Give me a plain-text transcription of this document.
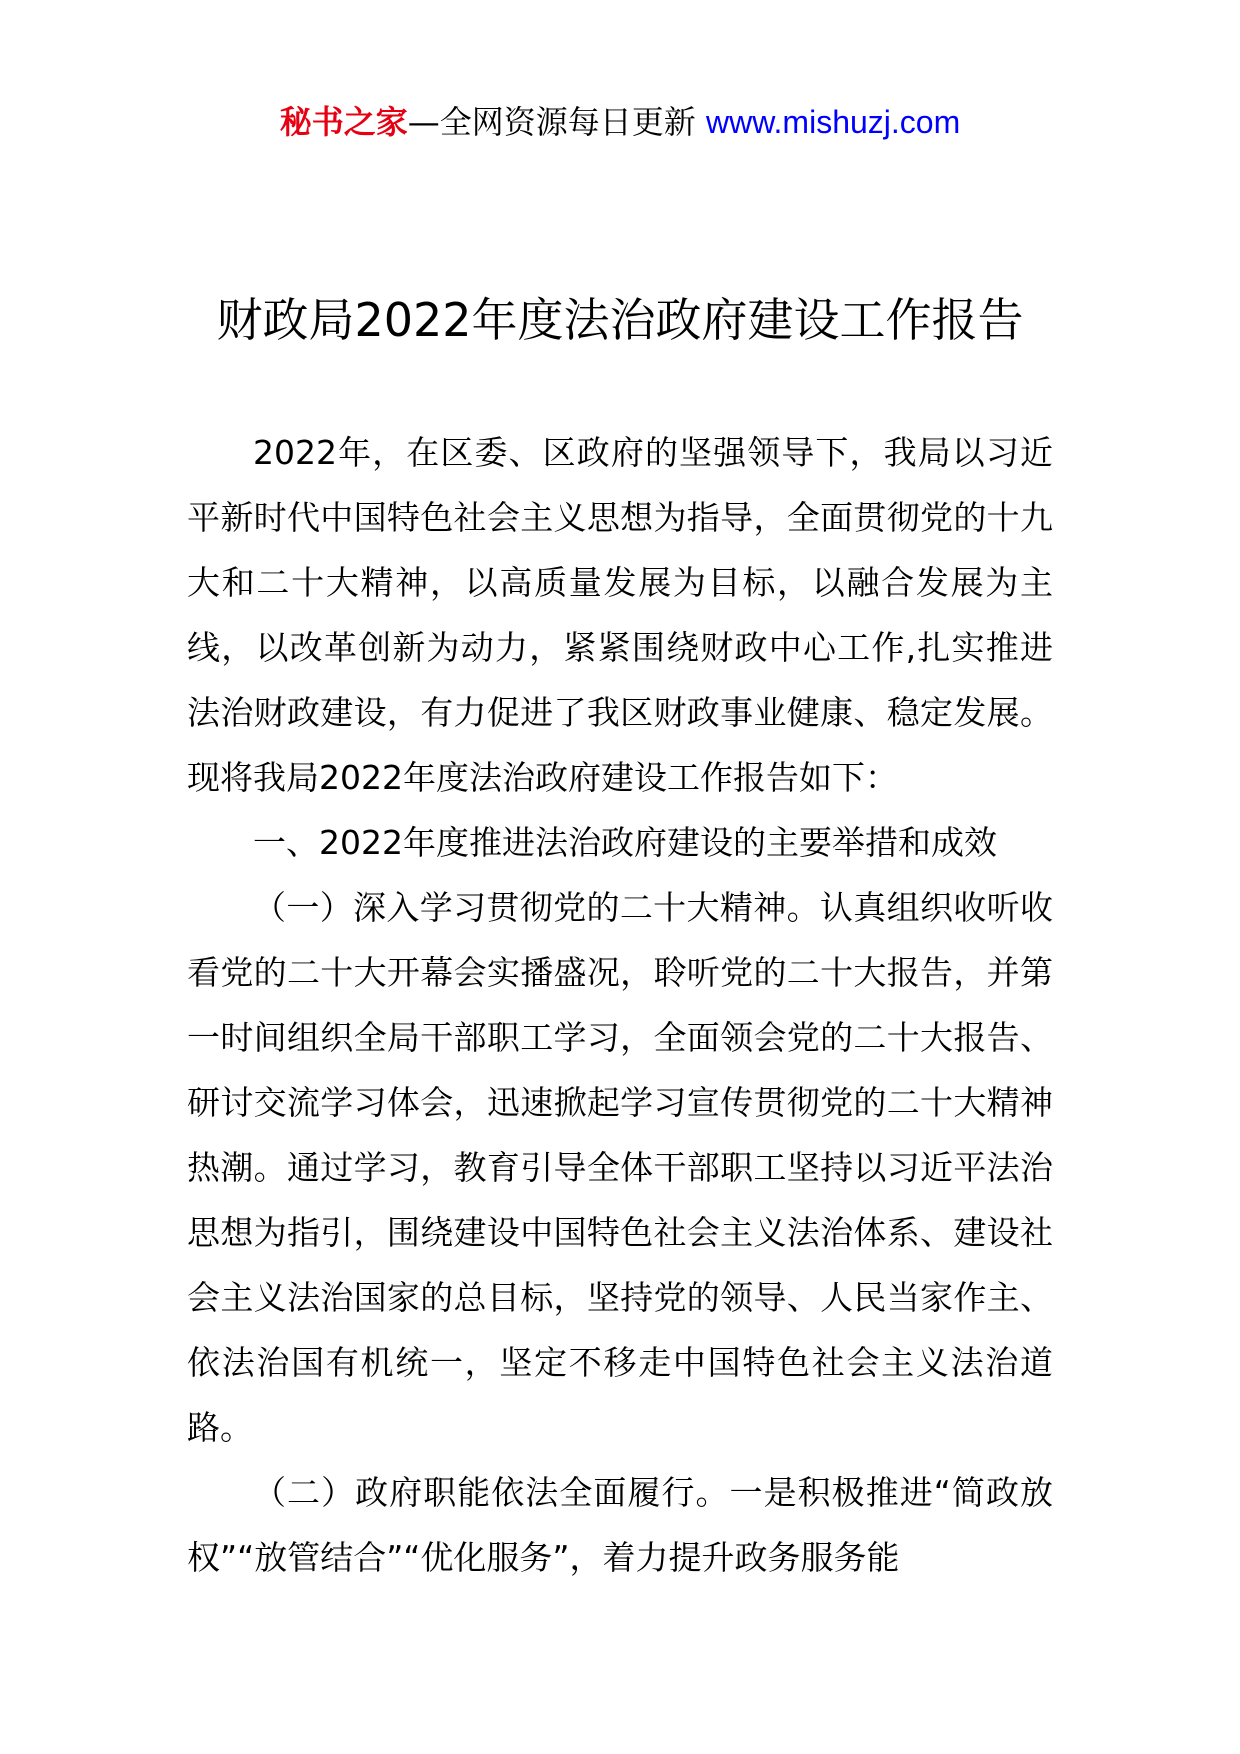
秘书之家—全网资源每日更新 www.mishuzj.com
财政局2022年度法治政府建设工作报告

2022年，在区委、区政府的坚强领导下，我局以习近平新时代中国特色社会主义思想为指导，全面贯彻党的十九大和二十大精神，以高质量发展为目标，以融合发展为主线，以改革创新为动力，紧紧围绕财政中心工作,扎实推进法治财政建设，有力促进了我区财政事业健康、稳定发展。现将我局2022年度法治政府建设工作报告如下：

一、2022年度推进法治政府建设的主要举措和成效

（一）深入学习贯彻党的二十大精神。认真组织收听收看党的二十大开幕会实播盛况，聆听党的二十大报告，并第一时间组织全局干部职工学习，全面领会党的二十大报告、研讨交流学习体会，迅速掀起学习宣传贯彻党的二十大精神热潮。通过学习，教育引导全体干部职工坚持以习近平法治思想为指引，围绕建设中国特色社会主义法治体系、建设社会主义法治国家的总目标，坚持党的领导、人民当家作主、依法治国有机统一，坚定不移走中国特色社会主义法治道路。

（二）政府职能依法全面履行。一是积极推进“简政放权”“放管结合”“优化服务”，着力提升政务服务能
